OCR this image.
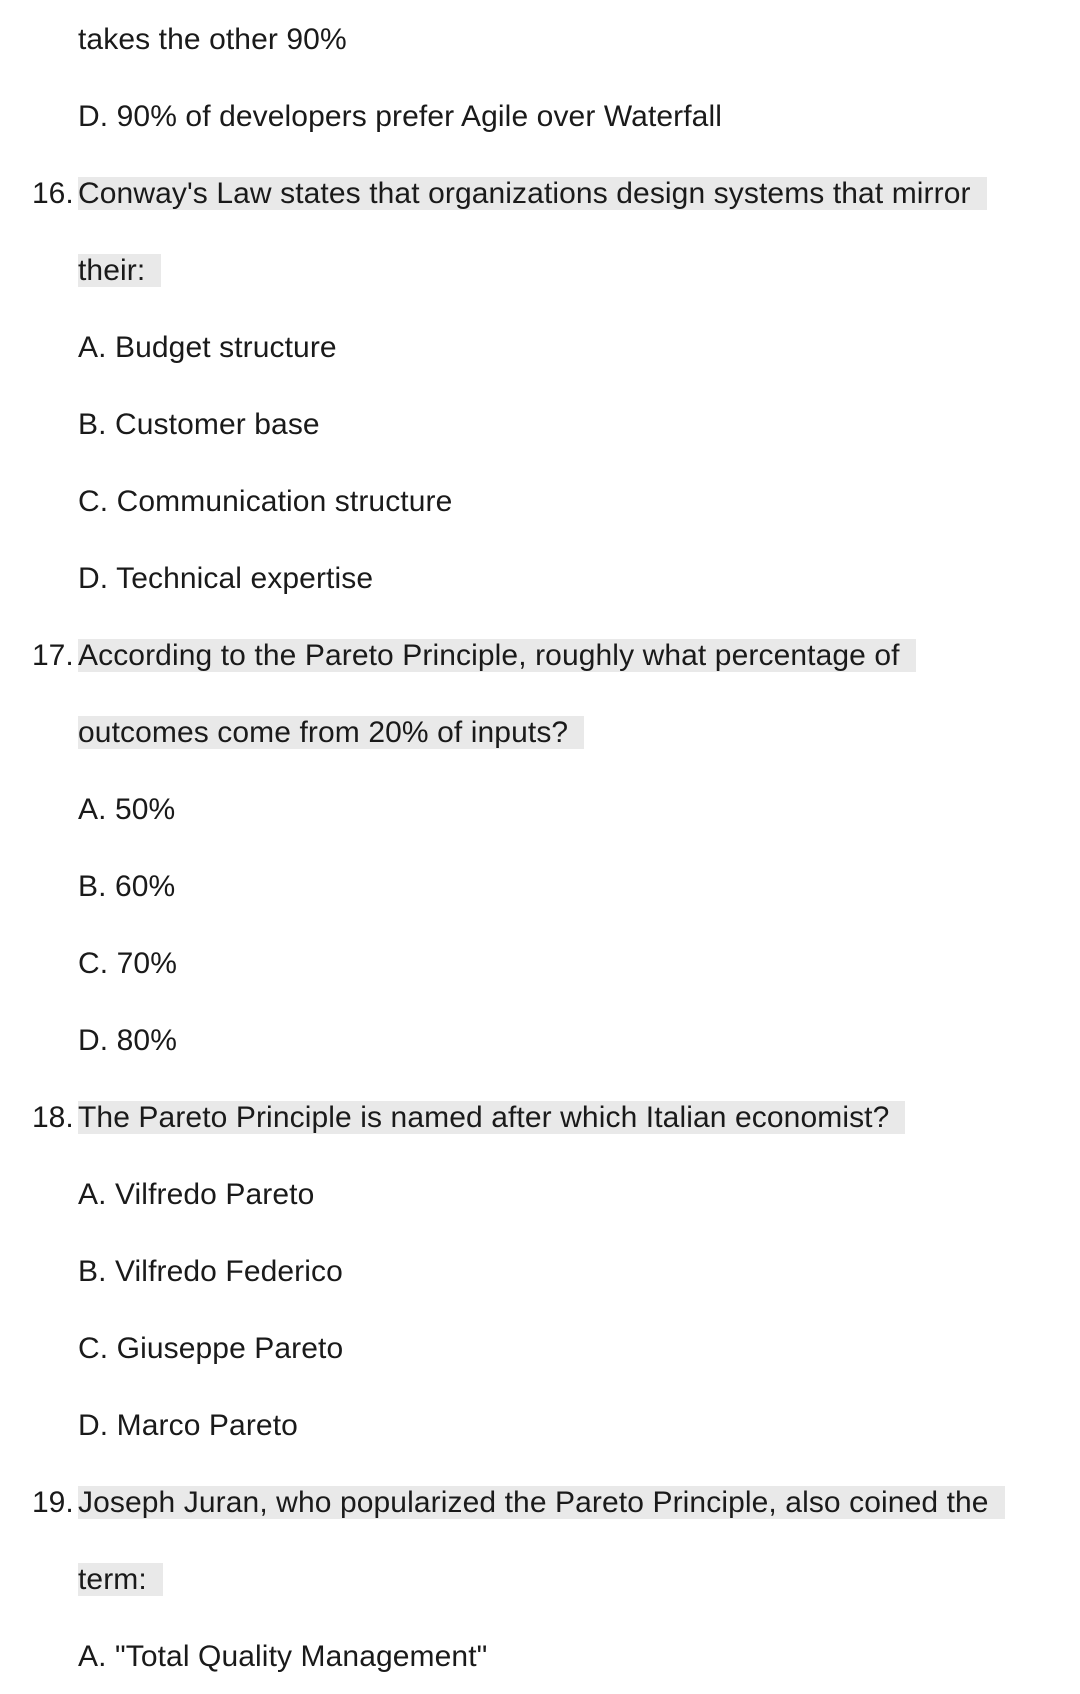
takes the other 90%
D. 90% of developers prefer Agile over Waterfall
16. Conway's Law states that organizations design systems that mirror
their:
A. Budget structure
B. Customer base
C. Communication structure
D. Technical expertise
17. According to the Pareto Principle, roughly what percentage of
outcomes come from 20% of inputs?
A. 50%
B. 60%
C. 70%
D. 80%
18. The Pareto Principle is named after which Italian economist?
A. Vilfredo Pareto
B. Vilfredo Federico
C. Giuseppe Pareto
D. Marco Pareto
19. Joseph Juran, who popularized the Pareto Principle, also coined the
term:
A. "Total Quality Management"
